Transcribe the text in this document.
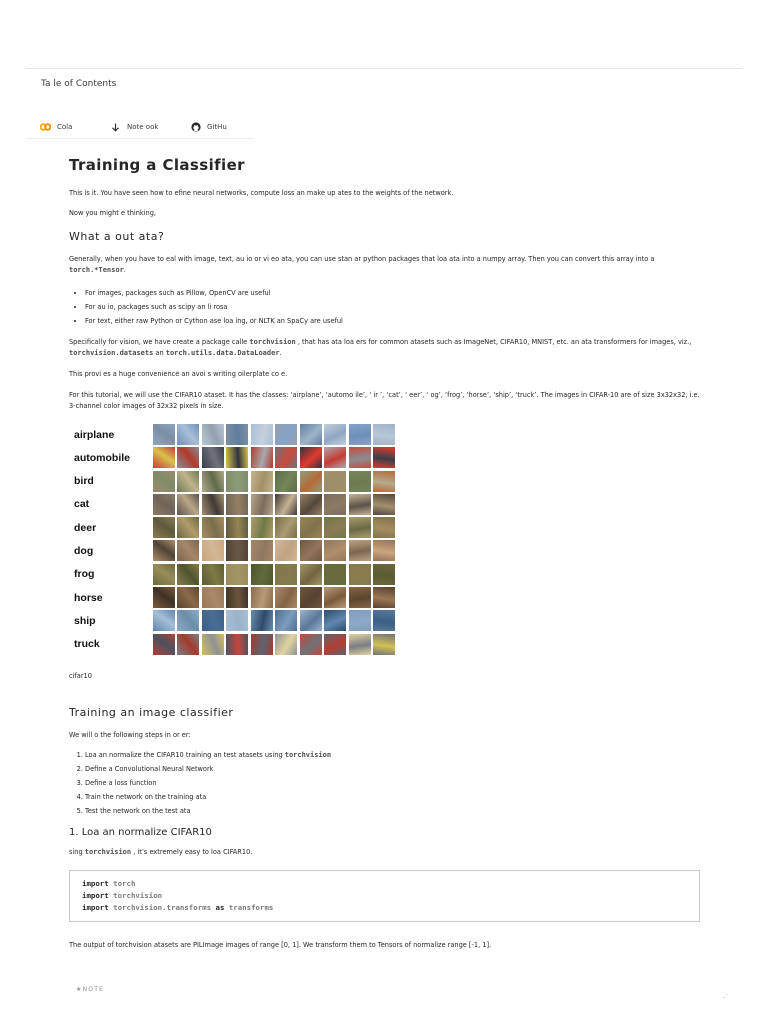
Ta le of Contents
Cola	Note ook	GitHu
Training a Classifier

This is it. You have seen how to efine neural networks, compute loss an make up ates to the weights of the network.

Now you might e thinking,

What a out ata?

Generally, when you have to eal with image, text, au io or vi eo ata, you can use stan ar python packages that loa ata into a numpy array. Then you can convert this array into a torch.*Tensor.

• For images, packages such as Pillow, OpenCV are useful
• For au io, packages such as scipy an li rosa
• For text, either raw Python or Cython ase loa ing, or NLTK an SpaCy are useful

Specifically for vision, we have create a package calle torchvision , that has ata loa ers for common atasets such as ImageNet, CIFAR10, MNIST, etc. an ata transformers for images, viz., torchvision.datasets an torch.utils.data.DataLoader.

This provi es a huge convenience an avoi s writing oilerplate co e.

For this tutorial, we will use the CIFAR10 ataset. It has the classes: ‘airplane’, ‘automo ile’, ‘ ir ’, ‘cat’, ‘ eer’, ‘ og’, ‘frog’, ‘horse’, ‘ship’, ‘truck’. The images in CIFAR-10 are of size 3x32x32, i.e. 3-channel color images of 32x32 pixels in size.

airplane
automobile
bird
cat
deer
dog
frog
horse
ship
truck

cifar10

Training an image classifier

We will o the following steps in or er:

1. Loa an normalize the CIFAR10 training an test atasets using torchvision
2. Define a Convolutional Neural Network
3. Define a loss function
4. Train the network on the training ata
5. Test the network on the test ata
1. Loa an normalize CIFAR10

sing torchvision , it’s extremely easy to loa CIFAR10.

import torch
import torchvision
import torchvision.transforms as transforms

The output of torchvision atasets are PILImage images of range [0, 1]. We transform them to Tensors of normalize range [-1, 1].

★NOTE
·˙
